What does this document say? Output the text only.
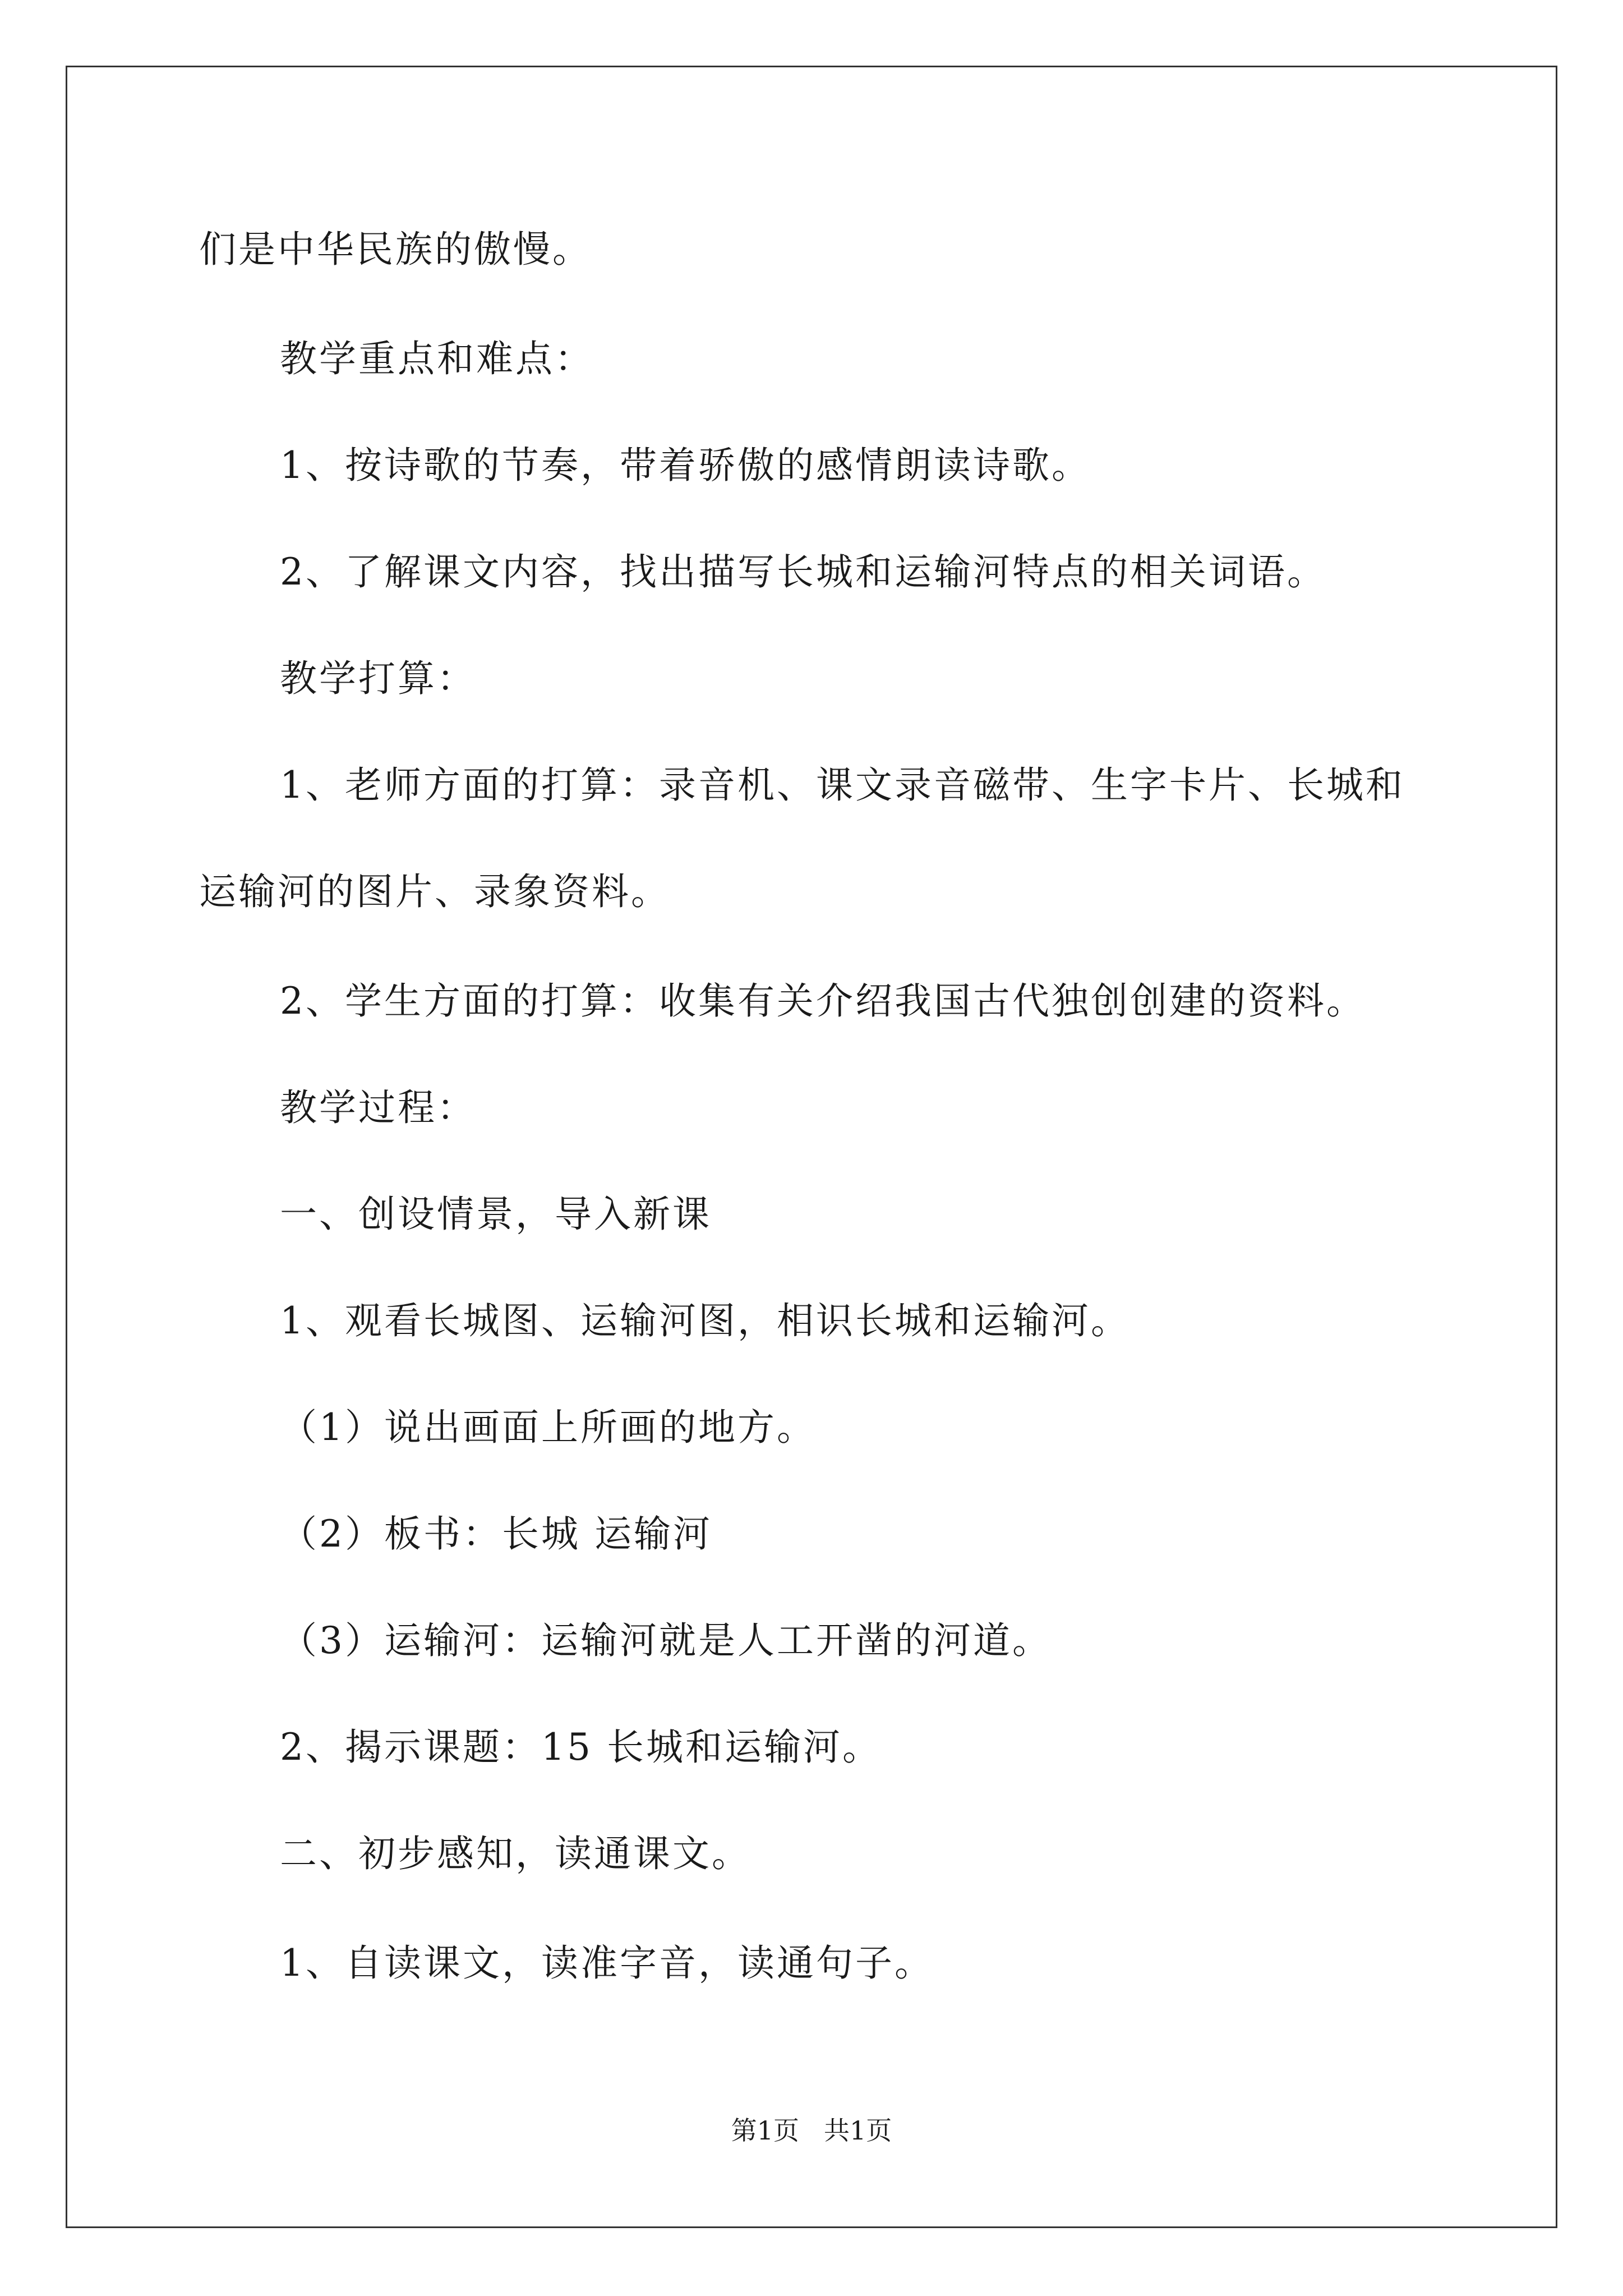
们是中华民族的傲慢。
教学重点和难点：
1、按诗歌的节奏，带着骄傲的感情朗读诗歌。
2、了解课文内容，找出描写长城和运输河特点的相关词语。
教学打算：
1、老师方面的打算：录音机、课文录音磁带、生字卡片、长城和
运输河的图片、录象资料。
2、学生方面的打算：收集有关介绍我国古代独创创建的资料。
教学过程：
一、创设情景，导入新课
1、观看长城图、运输河图，相识长城和运输河。
（1）说出画面上所画的地方。
（2）板书：长城 运输河
（3）运输河：运输河就是人工开凿的河道。
2、揭示课题：15 长城和运输河。
二、初步感知，读通课文。
1、自读课文，读准字音，读通句子。
第1页 共1页
